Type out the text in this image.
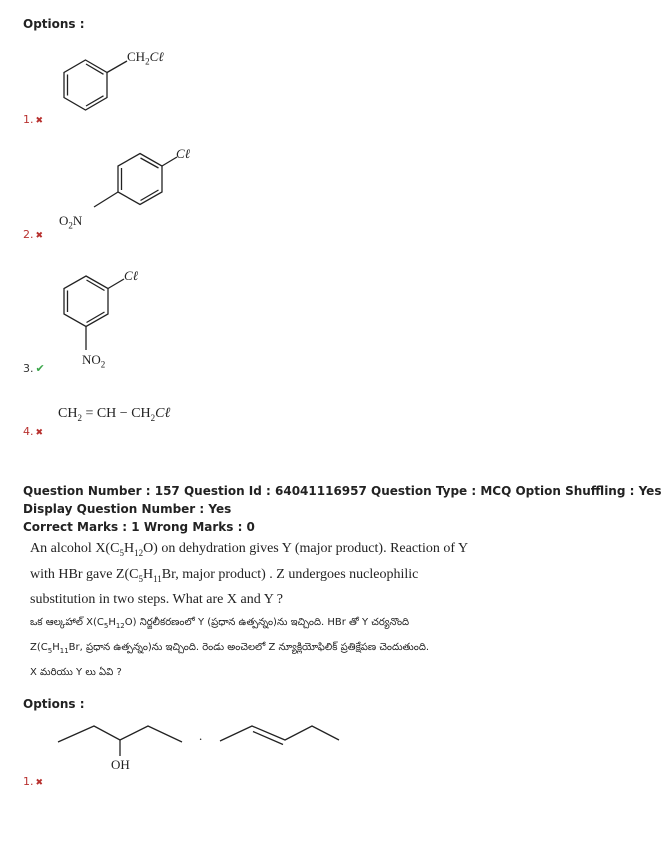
Options :
$CH_2C\ell$
1. ✖
Cℓ
$O_2N$
2. ✖
Cℓ
$NO_2$
3. ✔
$CH_2$ = CH − $CH_2C\ell$
4. ✖
Question Number : 157 Question Id : 64041116957 Question Type : MCQ Option Shuffling : Yes
Display Question Number : Yes
Correct Marks : 1 Wrong Marks : 0
An alcohol $X(C_5H_{12}O)$ on dehydration gives Y (major product). Reaction of Y
with HBr gave $Z(C_5H_{11}Br$, major product) . Z undergoes nucleophilic
substitution in two steps. What are X and Y ?
ఒక ఆల్కహాల్ $X(C_5H_{12}O)$ నిర్జలీకరణంలో Y (ప్రధాన ఉత్పన్నం)ను ఇచ్చింది. HBr తో Y చర్యనొంది
$Z(C_5H_{11}Br$, ప్రధాన ఉత్పన్నం)ను ఇచ్చింది. రెండు అంచెలలో Z న్యూక్లియోఫిలిక్ ప్రతిక్షేపణ చెందుతుంది.
X మరియు Y లు ఏవి ?
Options :
OH
.
1. ✖
